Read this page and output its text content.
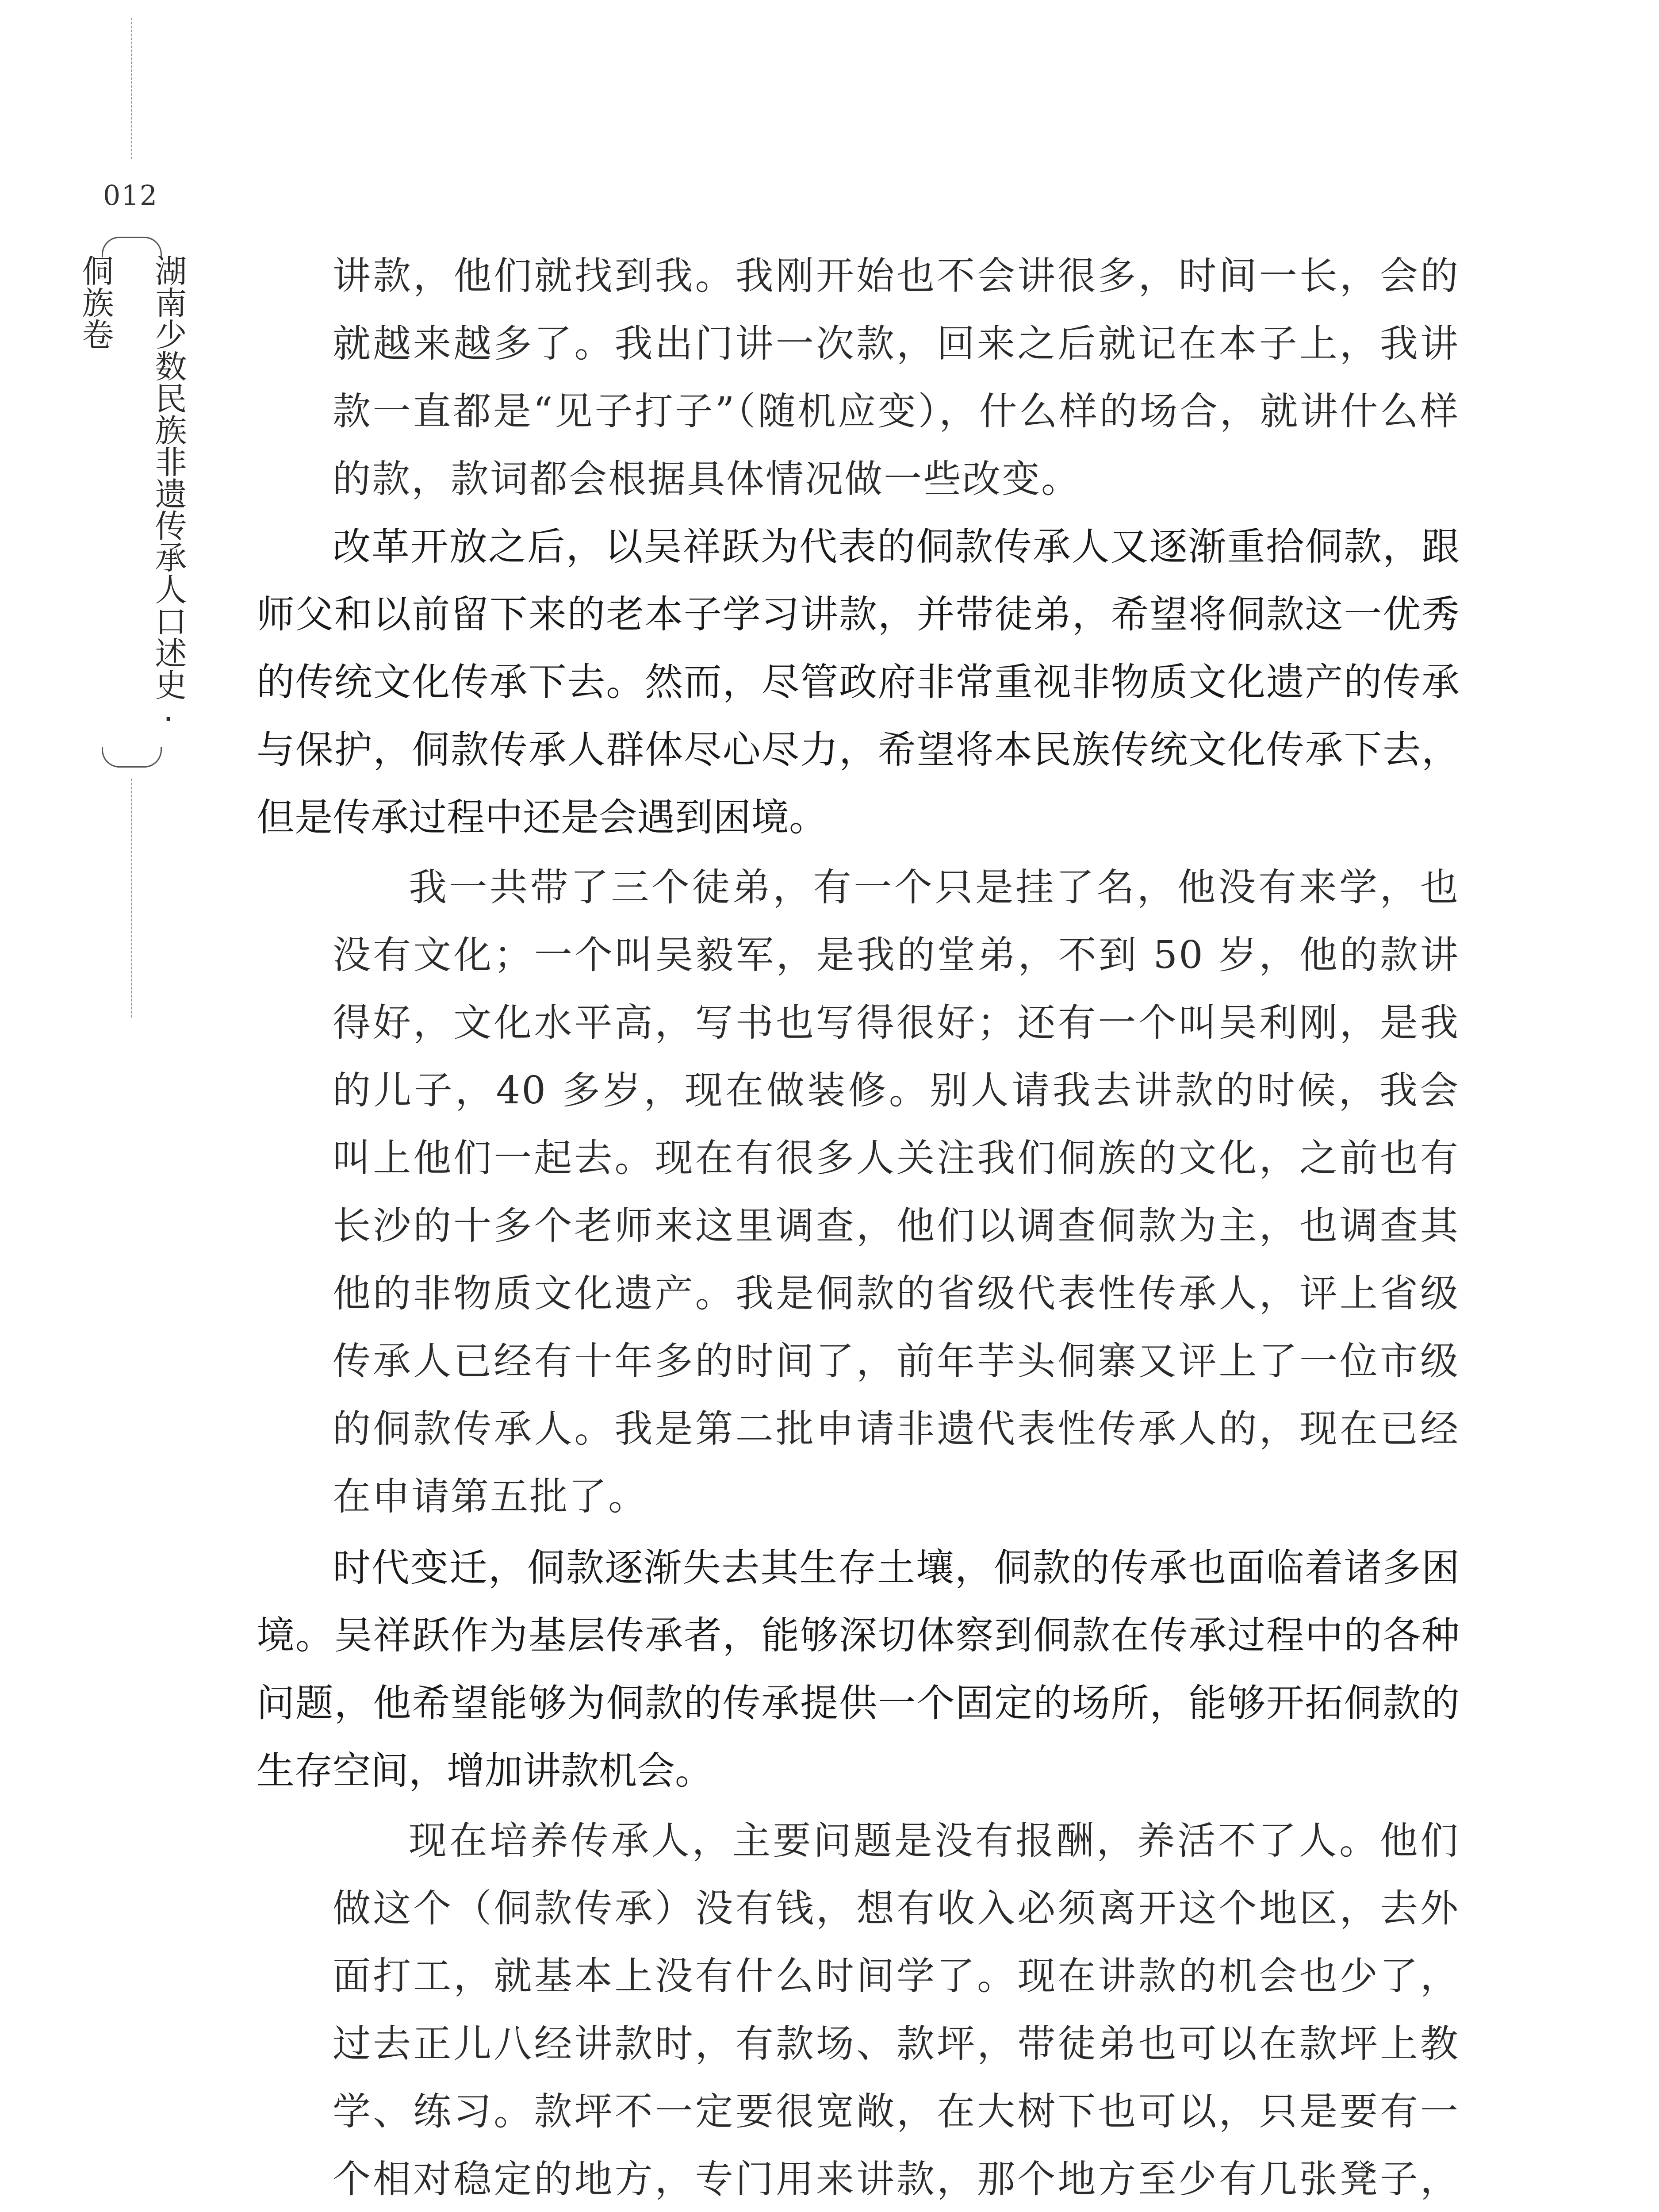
012
湖南少数民族非遗传承人口述史·侗族卷	讲款，他们就找到我。我刚开始也不会讲很多，时间一长，会的就越来越多了。我出门讲一次款，回来之后就记在本子上，我讲款一直都是“见子打子”（随机应变），什么样的场合，就讲什么样的款，款词都会根据具体情况做一些改变。

改革开放之后，以吴祥跃为代表的侗款传承人又逐渐重拾侗款，跟师父和以前留下来的老本子学习讲款，并带徒弟，希望将侗款这一优秀的传统文化传承下去。然而，尽管政府非常重视非物质文化遗产的传承与保护，侗款传承人群体尽心尽力，希望将本民族传统文化传承下去，但是传承过程中还是会遇到困境。

我一共带了三个徒弟，有一个只是挂了名，他没有来学，也没有文化；一个叫吴毅军，是我的堂弟，不到 50 岁，他的款讲得好，文化水平高，写书也写得很好；还有一个叫吴利刚，是我的儿子，40 多岁，现在做装修。别人请我去讲款的时候，我会叫上他们一起去。现在有很多人关注我们侗族的文化，之前也有长沙的十多个老师来这里调查，他们以调查侗款为主，也调查其他的非物质文化遗产。我是侗款的省级代表性传承人，评上省级传承人已经有十年多的时间了，前年芋头侗寨又评上了一位市级的侗款传承人。我是第二批申请非遗代表性传承人的，现在已经在申请第五批了。

时代变迁，侗款逐渐失去其生存土壤，侗款的传承也面临着诸多困境。吴祥跃作为基层传承者，能够深切体察到侗款在传承过程中的各种问题，他希望能够为侗款的传承提供一个固定的场所，能够开拓侗款的生存空间，增加讲款机会。

现在培养传承人，主要问题是没有报酬，养活不了人。他们做这个（侗款传承）没有钱，想有收入必须离开这个地区，去外面打工，就基本上没有什么时间学了。现在讲款的机会也少了，过去正儿八经讲款时，有款场、款坪，带徒弟也可以在款坪上教学、练习。款坪不一定要很宽敞，在大树下也可以，只是要有一个相对稳定的地方，专门用来讲款，那个地方至少有几张凳子，
